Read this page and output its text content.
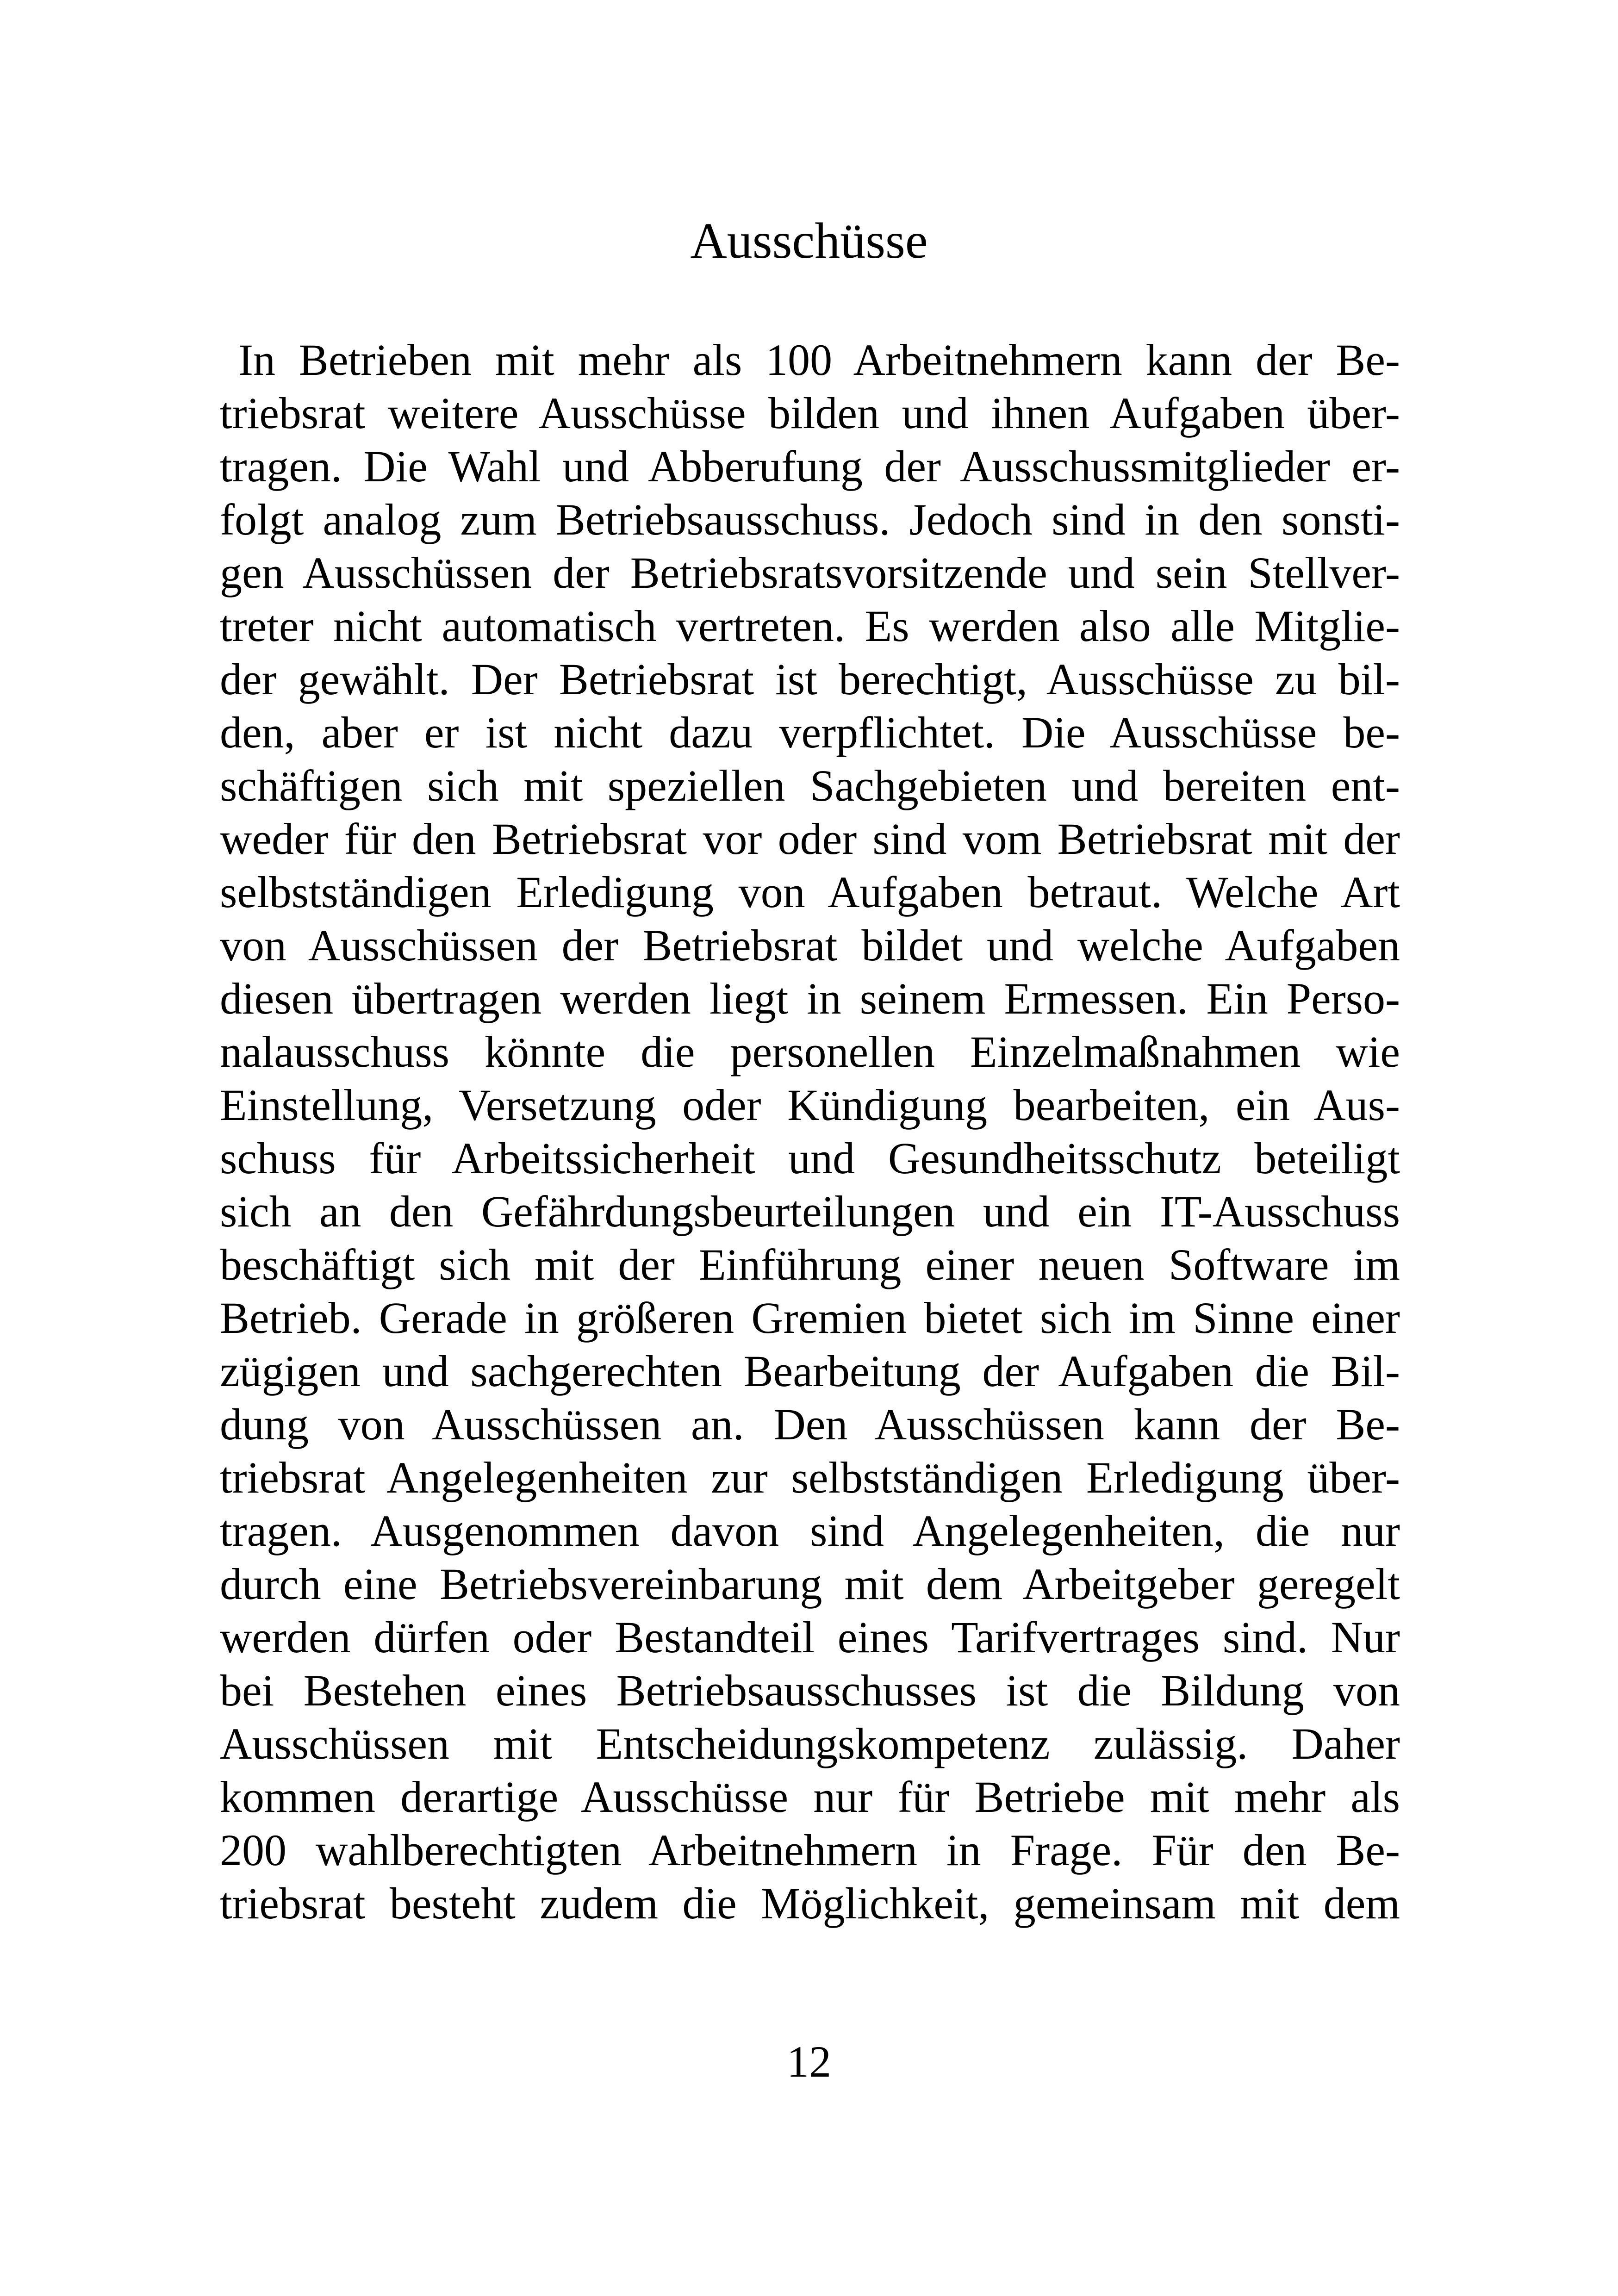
Ausschüsse
In Betrieben mit mehr als 100 Arbeitnehmern kann der Be-
triebsrat weitere Ausschüsse bilden und ihnen Aufgaben über-
tragen. Die Wahl und Abberufung der Ausschussmitglieder er-
folgt analog zum Betriebsausschuss. Jedoch sind in den sonsti-
gen Ausschüssen der Betriebsratsvorsitzende und sein Stellver-
treter nicht automatisch vertreten. Es werden also alle Mitglie-
der gewählt. Der Betriebsrat ist berechtigt, Ausschüsse zu bil-
den, aber er ist nicht dazu verpflichtet. Die Ausschüsse be-
schäftigen sich mit speziellen Sachgebieten und bereiten ent-
weder für den Betriebsrat vor oder sind vom Betriebsrat mit der
selbstständigen Erledigung von Aufgaben betraut. Welche Art
von Ausschüssen der Betriebsrat bildet und welche Aufgaben
diesen übertragen werden liegt in seinem Ermessen. Ein Perso-
nalausschuss könnte die personellen Einzelmaßnahmen wie
Einstellung, Versetzung oder Kündigung bearbeiten, ein Aus-
schuss für Arbeitssicherheit und Gesundheitsschutz beteiligt
sich an den Gefährdungsbeurteilungen und ein IT-Ausschuss
beschäftigt sich mit der Einführung einer neuen Software im
Betrieb. Gerade in größeren Gremien bietet sich im Sinne einer
zügigen und sachgerechten Bearbeitung der Aufgaben die Bil-
dung von Ausschüssen an. Den Ausschüssen kann der Be-
triebsrat Angelegenheiten zur selbstständigen Erledigung über-
tragen. Ausgenommen davon sind Angelegenheiten, die nur
durch eine Betriebsvereinbarung mit dem Arbeitgeber geregelt
werden dürfen oder Bestandteil eines Tarifvertrages sind. Nur
bei Bestehen eines Betriebsausschusses ist die Bildung von
Ausschüssen mit Entscheidungskompetenz zulässig. Daher
kommen derartige Ausschüsse nur für Betriebe mit mehr als
200 wahlberechtigten Arbeitnehmern in Frage. Für den Be-
triebsrat besteht zudem die Möglichkeit, gemeinsam mit dem
12
